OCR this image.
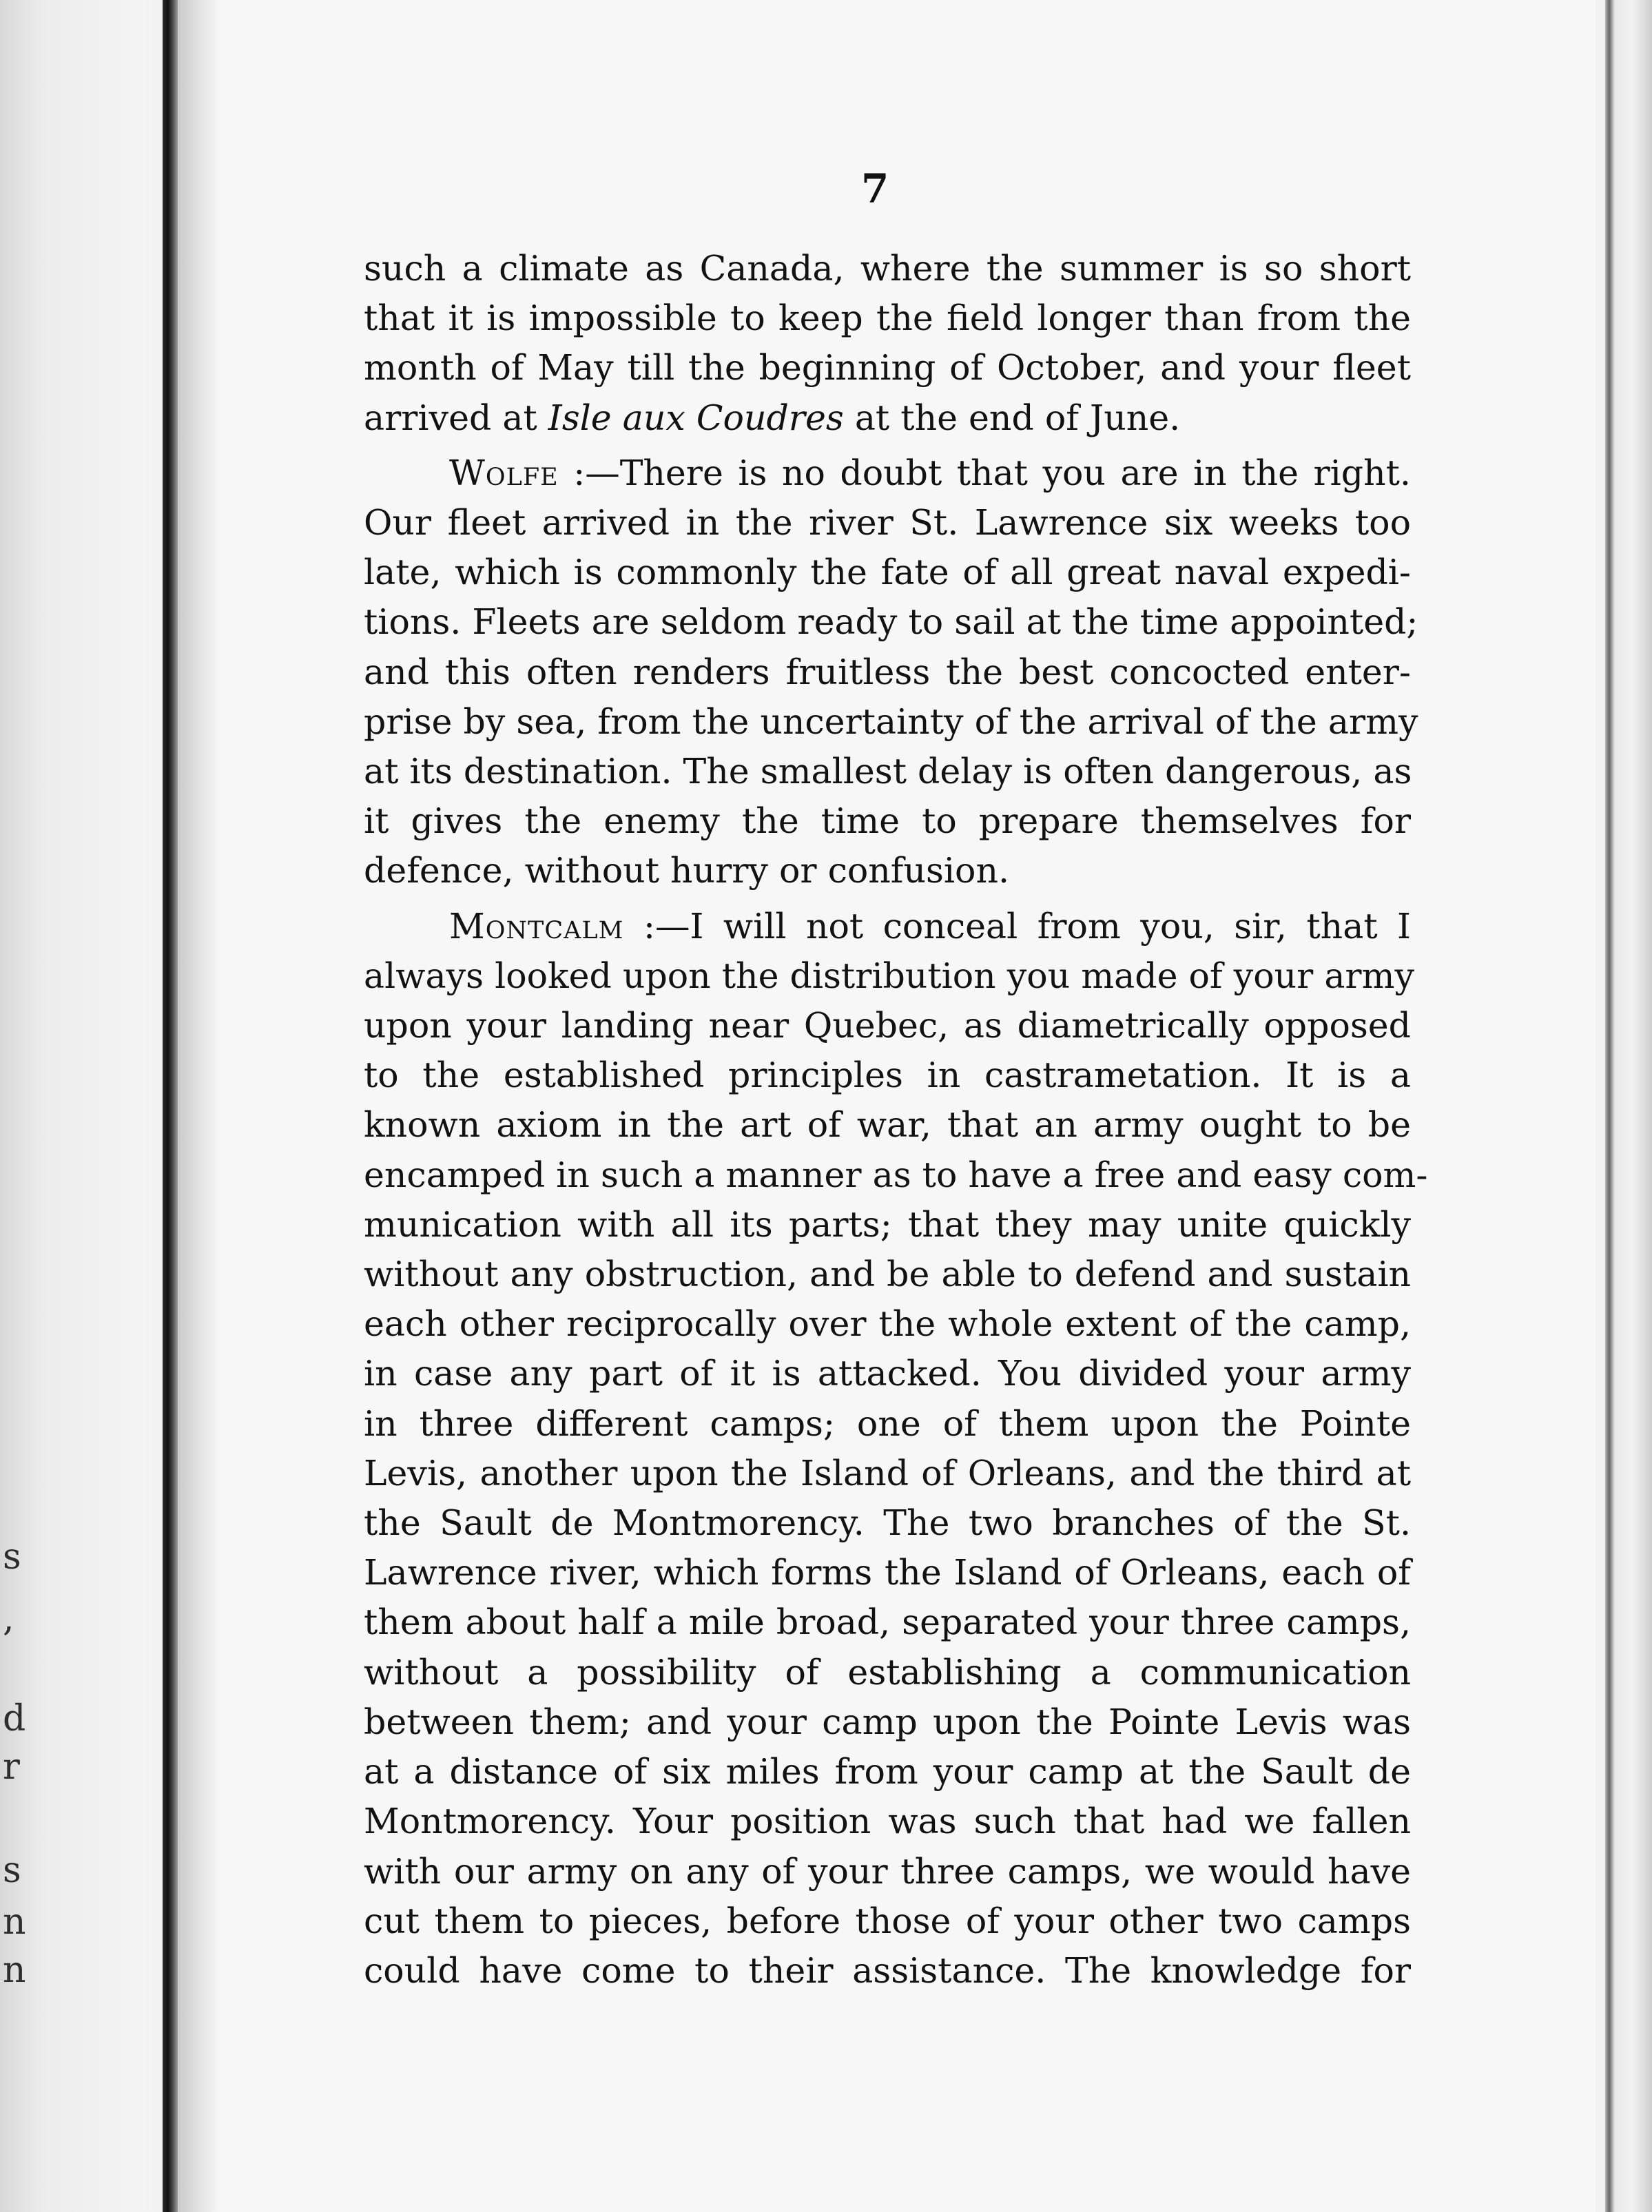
s
,
d
r
s
n
n
7

such a climate as Canada, where the summer is so short
that it is impossible to keep the field longer than from the
month of May till the beginning of October, and your fleet
arrived at Isle aux Coudres at the end of June.

Wolfe :—There is no doubt that you are in the right.
Our fleet arrived in the river St. Lawrence six weeks too
late, which is commonly the fate of all great naval expedi-
tions. Fleets are seldom ready to sail at the time appointed;
and this often renders fruitless the best concocted enter-
prise by sea, from the uncertainty of the arrival of the army
at its destination. The smallest delay is often dangerous, as
it gives the enemy the time to prepare themselves for
defence, without hurry or confusion.

Montcalm :—I will not conceal from you, sir, that I
always looked upon the distribution you made of your army
upon your landing near Quebec, as diametrically opposed
to the established principles in castrametation. It is a
known axiom in the art of war, that an army ought to be
encamped in such a manner as to have a free and easy com-
munication with all its parts; that they may unite quickly
without any obstruction, and be able to defend and sustain
each other reciprocally over the whole extent of the camp,
in case any part of it is attacked. You divided your army
in three different camps; one of them upon the Pointe
Levis, another upon the Island of Orleans, and the third at
the Sault de Montmorency. The two branches of the St.
Lawrence river, which forms the Island of Orleans, each of
them about half a mile broad, separated your three camps,
without a possibility of establishing a communication
between them; and your camp upon the Pointe Levis was
at a distance of six miles from your camp at the Sault de
Montmorency. Your position was such that had we fallen
with our army on any of your three camps, we would have
cut them to pieces, before those of your other two camps
could have come to their assistance. The knowledge for
